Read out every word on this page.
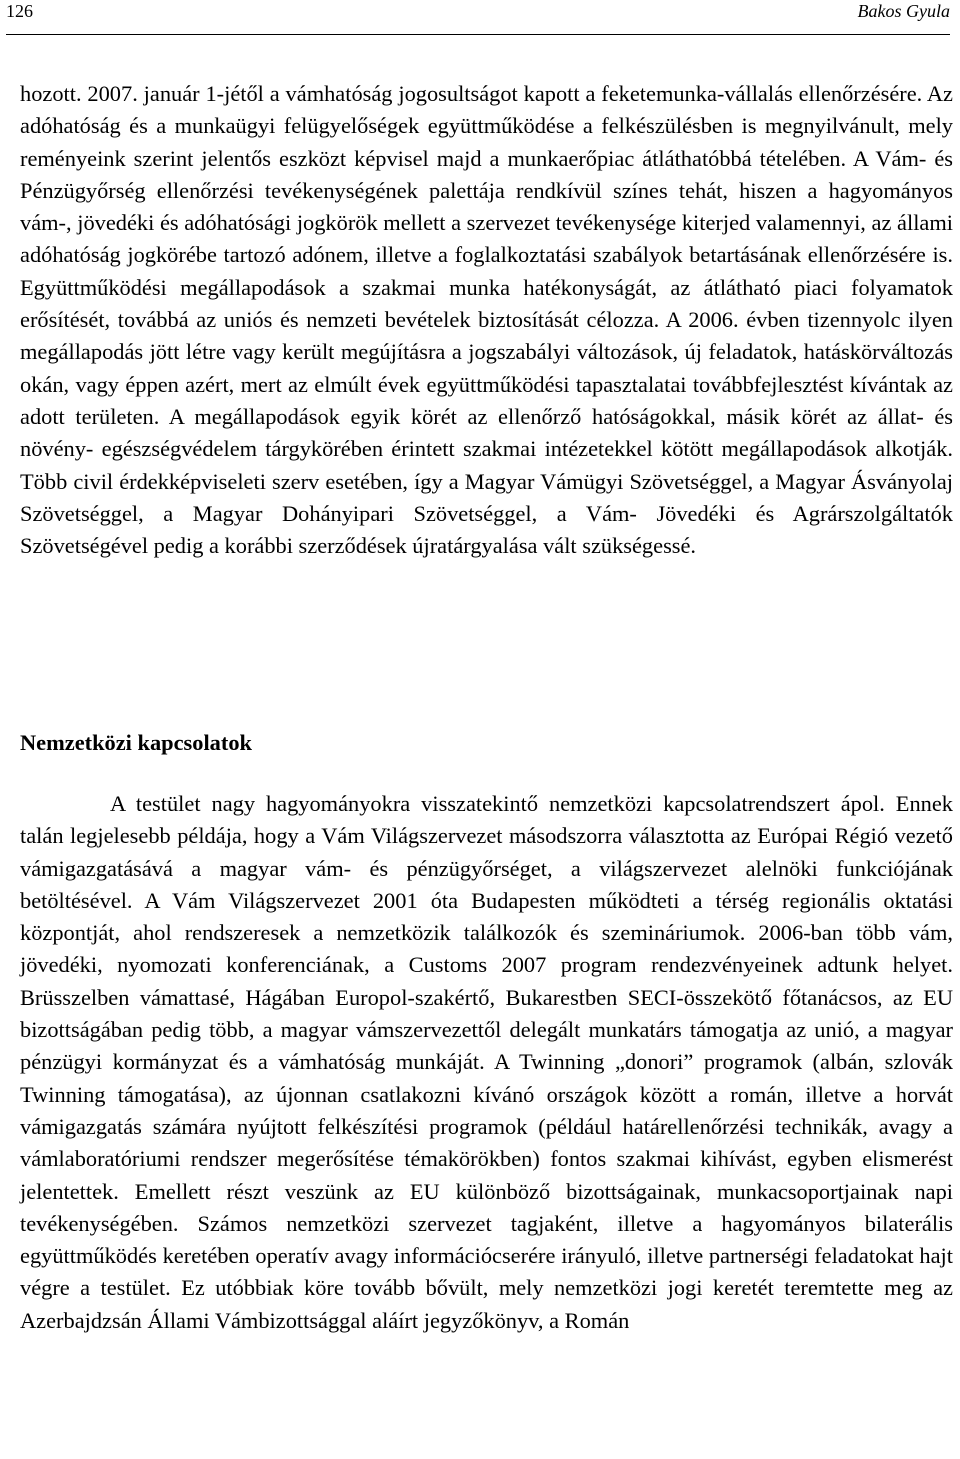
126	Bakos Gyula

hozott. 2007. január 1-jétől a vámhatóság jogosultságot kapott a feketemunka-vállalás ellenőrzésére. Az adóhatóság és a munkaügyi felügyelőségek együttműködése a felkészülésben is megnyilvánult, mely reményeink szerint jelentős eszközt képvisel majd a munkaerőpiac átláthatóbbá tételében. A Vám- és Pénzügyőrség ellenőrzési tevékenységének palettája rendkívül színes tehát, hiszen a hagyományos vám-, jövedéki és adóhatósági jogkörök mellett a szervezet tevékenysége kiterjed valamennyi, az állami adóhatóság jogkörébe tartozó adónem, illetve a foglalkoztatási szabályok betartásának ellenőrzésére is. Együttműködési megállapodások a szakmai munka hatékonyságát, az átlátható piaci folyamatok erősítését, továbbá az uniós és nemzeti bevételek biztosítását célozza. A 2006. évben tizennyolc ilyen megállapodás jött létre vagy került megújításra a jogszabályi változások, új feladatok, hatáskörváltozás okán, vagy éppen azért, mert az elmúlt évek együttműködési tapasztalatai továbbfejlesztést kívántak az adott területen. A megállapodások egyik körét az ellenőrző hatóságokkal, másik körét az állat- és növény- egészségvédelem tárgykörében érintett szakmai intézetekkel kötött megállapodások alkotják. Több civil érdekképviseleti szerv esetében, így a Magyar Vámügyi Szövetséggel, a Magyar Ásványolaj Szövetséggel, a Magyar Dohányipari Szövetséggel, a Vám- Jövedéki és Agrárszolgáltatók Szövetségével pedig a korábbi szerződések újratárgyalása vált szükségessé.

Nemzetközi kapcsolatok

A testület nagy hagyományokra visszatekintő nemzetközi kapcsolatrendszert ápol. Ennek talán legjelesebb példája, hogy a Vám Világszervezet másodszorra választotta az Európai Régió vezető vámigazgatásává a magyar vám- és pénzügyőrséget, a világszervezet alelnöki funkciójának betöltésével. A Vám Világszervezet 2001 óta Budapesten működteti a térség regionális oktatási központját, ahol rendszeresek a nemzetközik találkozók és szemináriumok. 2006-ban több vám, jövedéki, nyomozati konferenciának, a Customs 2007 program rendezvényeinek adtunk helyet. Brüsszelben vámattasé, Hágában Europol-szakértő, Bukarestben SECI-összekötő főtanácsos, az EU bizottságában pedig több, a magyar vámszervezettől delegált munkatárs támogatja az unió, a magyar pénzügyi kormányzat és a vámhatóság munkáját. A Twinning „donori” programok (albán, szlovák Twinning támogatása), az újonnan csatlakozni kívánó országok között a román, illetve a horvát vámigazgatás számára nyújtott felkészítési programok (például határellenőrzési technikák, avagy a vámlaboratóriumi rendszer megerősítése témakörökben) fontos szakmai kihívást, egyben elismerést jelentettek. Emellett részt veszünk az EU különböző bizottságainak, munkacsoportjainak napi tevékenységében. Számos nemzetközi szervezet tagjaként, illetve a hagyományos bilaterális együttműködés keretében operatív avagy információcserére irányuló, illetve partnerségi feladatokat hajt végre a testület. Ez utóbbiak köre tovább bővült, mely nemzetközi jogi keretét teremtette meg az Azerbajdzsán Állami Vámbizottsággal aláírt jegyzőkönyv, a Román
